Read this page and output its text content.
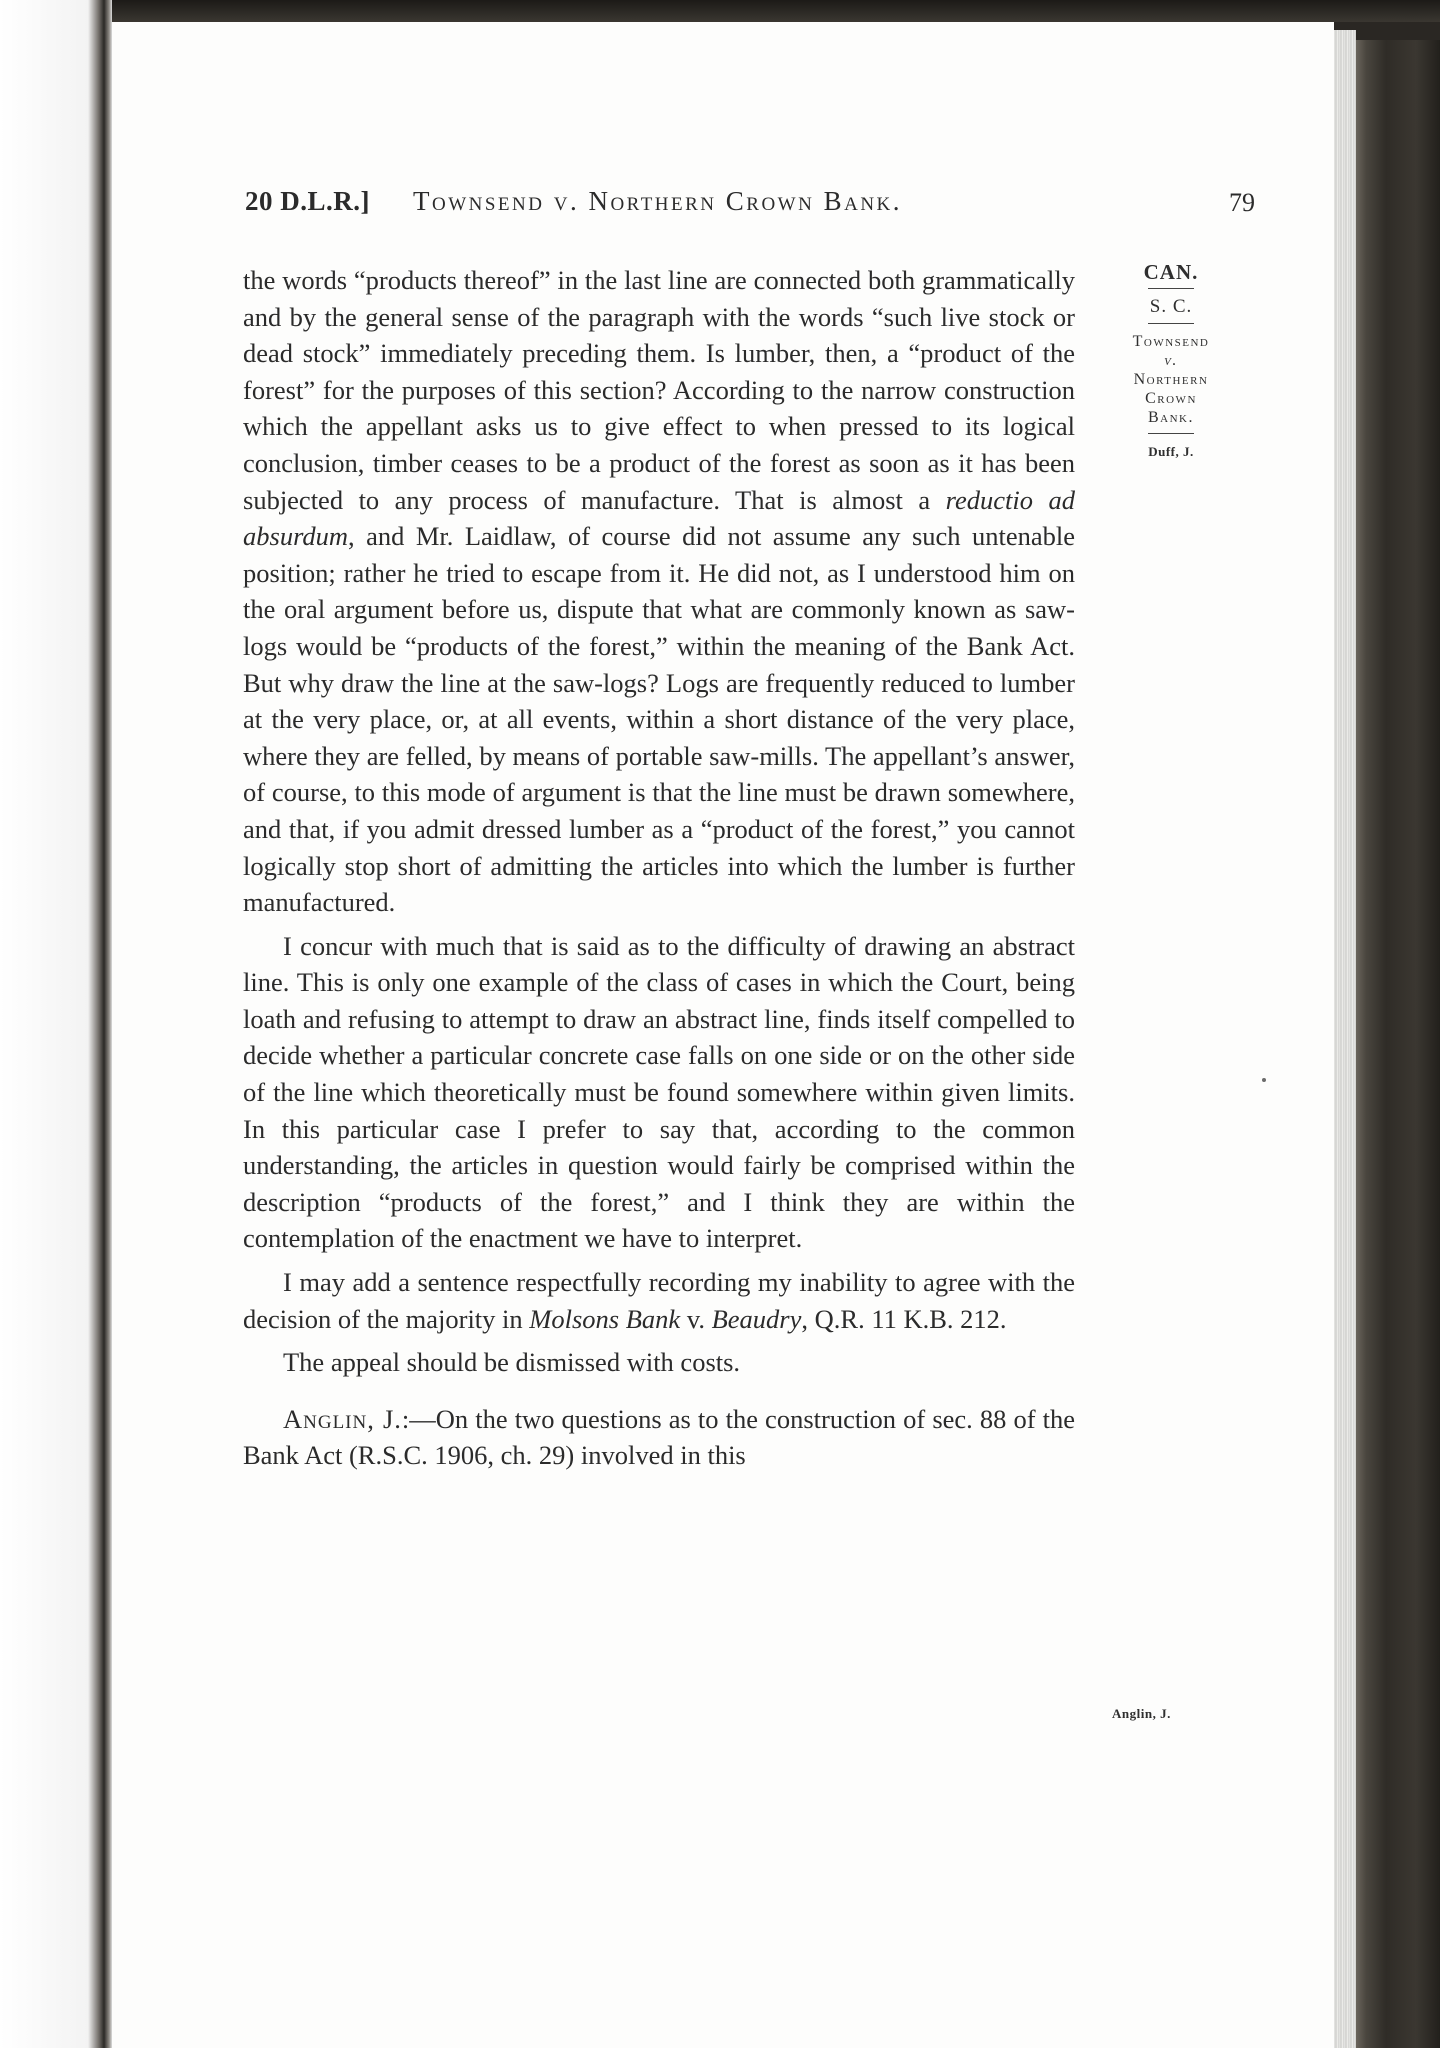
20 D.L.R.] Townsend v. Northern Crown Bank.	79

the words “products thereof” in the last line are connected both grammatically and by the general sense of the paragraph with the words “such live stock or dead stock” immediately preceding them. Is lumber, then, a “product of the forest” for the purposes of this section? According to the narrow construction which the appellant asks us to give effect to when pressed to its logical conclusion, timber ceases to be a product of the forest as soon as it has been subjected to any process of manufacture. That is almost a reductio ad absurdum, and Mr. Laidlaw, of course did not assume any such untenable position; rather he tried to escape from it. He did not, as I understood him on the oral argument before us, dispute that what are commonly known as saw-logs would be “products of the forest,” within the meaning of the Bank Act. But why draw the line at the saw-logs? Logs are frequently reduced to lumber at the very place, or, at all events, within a short distance of the very place, where they are felled, by means of portable saw-mills. The appellant’s answer, of course, to this mode of argument is that the line must be drawn somewhere, and that, if you admit dressed lumber as a “product of the forest,” you cannot logically stop short of admitting the articles into which the lumber is further manufactured.

I concur with much that is said as to the difficulty of drawing an abstract line. This is only one example of the class of cases in which the Court, being loath and refusing to attempt to draw an abstract line, finds itself compelled to decide whether a particular concrete case falls on one side or on the other side of the line which theoretically must be found somewhere within given limits. In this particular case I prefer to say that, according to the common understanding, the articles in question would fairly be comprised within the description “products of the forest,” and I think they are within the contemplation of the enactment we have to interpret.

I may add a sentence respectfully recording my inability to agree with the decision of the majority in Molsons Bank v. Beaudry, Q.R. 11 K.B. 212.

The appeal should be dismissed with costs.

Anglin, J.:—On the two questions as to the construction of sec. 88 of the Bank Act (R.S.C. 1906, ch. 29) involved in this

CAN.
S. C.
Townsend
v.
Northern
Crown
Bank.
Duff, J.
Anglin, J.
